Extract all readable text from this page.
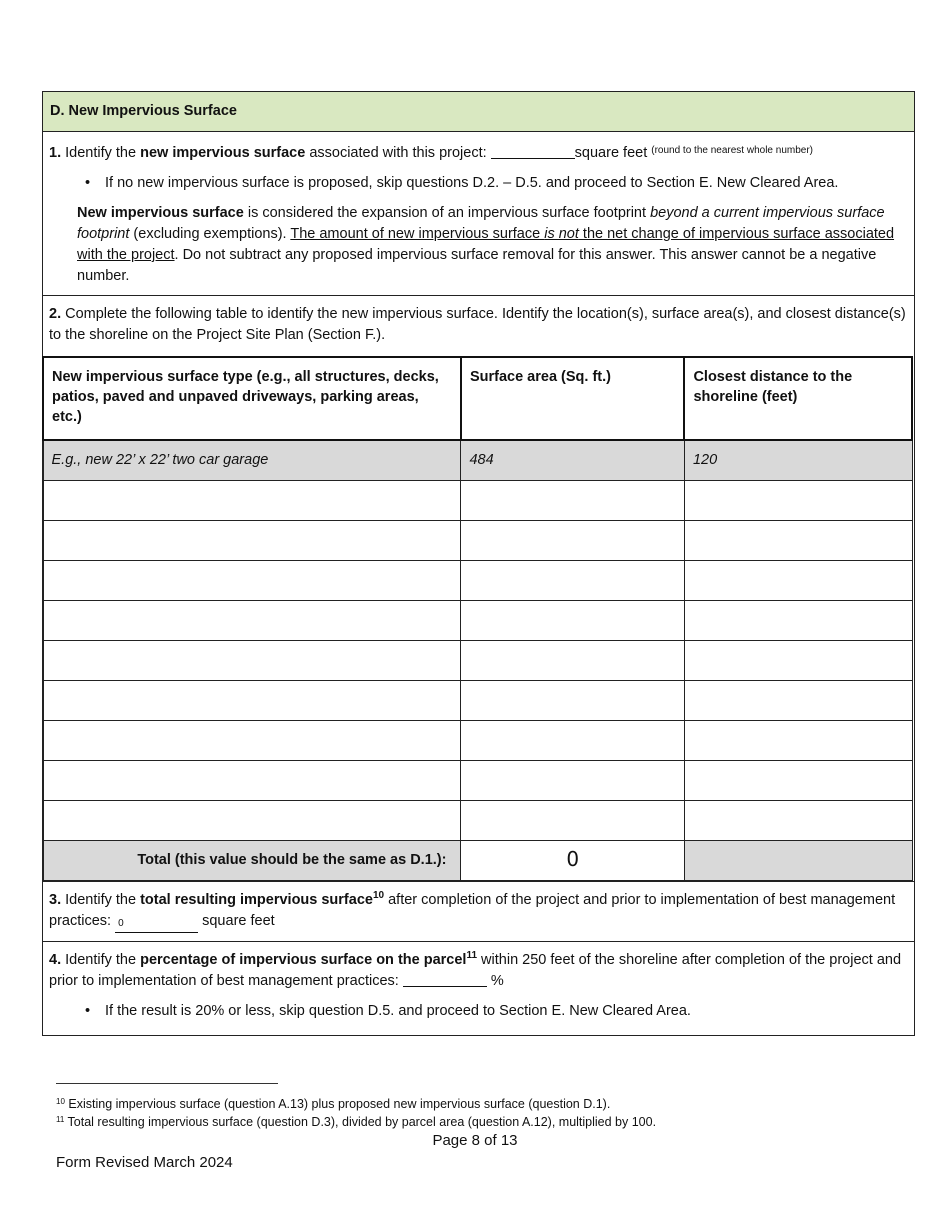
D. New Impervious Surface
1. Identify the new impervious surface associated with this project:	square feet $^{(round to the nearest whole number)}$
• If no new impervious surface is proposed, skip questions D.2. – D.5. and proceed to Section E. New Cleared Area.
New impervious surface is considered the expansion of an impervious surface footprint beyond a current impervious surface footprint (excluding exemptions). The amount of new impervious surface is not the net change of impervious surface associated with the project. Do not subtract any proposed impervious surface removal for this answer. This answer cannot be a negative number.
2. Complete the following table to identify the new impervious surface. Identify the location(s), surface area(s), and closest distance(s) to the shoreline on the Project Site Plan (Section F.).
New impervious surface type (e.g., all structures, decks, patios, paved and unpaved driveways, parking areas, etc.)	Surface area (Sq. ft.)	Closest distance to the shoreline (feet)
E.g., new 22’ x 22’ two car garage	484	120

Total (this value should be the same as D.1.):	0	
3. Identify the total resulting impervious surface$^{10}$ after completion of the project and prior to implementation of best management practices: 0	square feet
4. Identify the percentage of impervious surface on the parcel$^{11}$ within 250 feet of the shoreline after completion of the project and prior to implementation of best management practices:	%
• If the result is 20% or less, skip question D.5. and proceed to Section E. New Cleared Area.
$^{10}$ Existing impervious surface (question A.13) plus proposed new impervious surface (question D.1).
$^{11}$ Total resulting impervious surface (question D.3), divided by parcel area (question A.12), multiplied by 100.
Page 8 of 13
Form Revised March 2024
